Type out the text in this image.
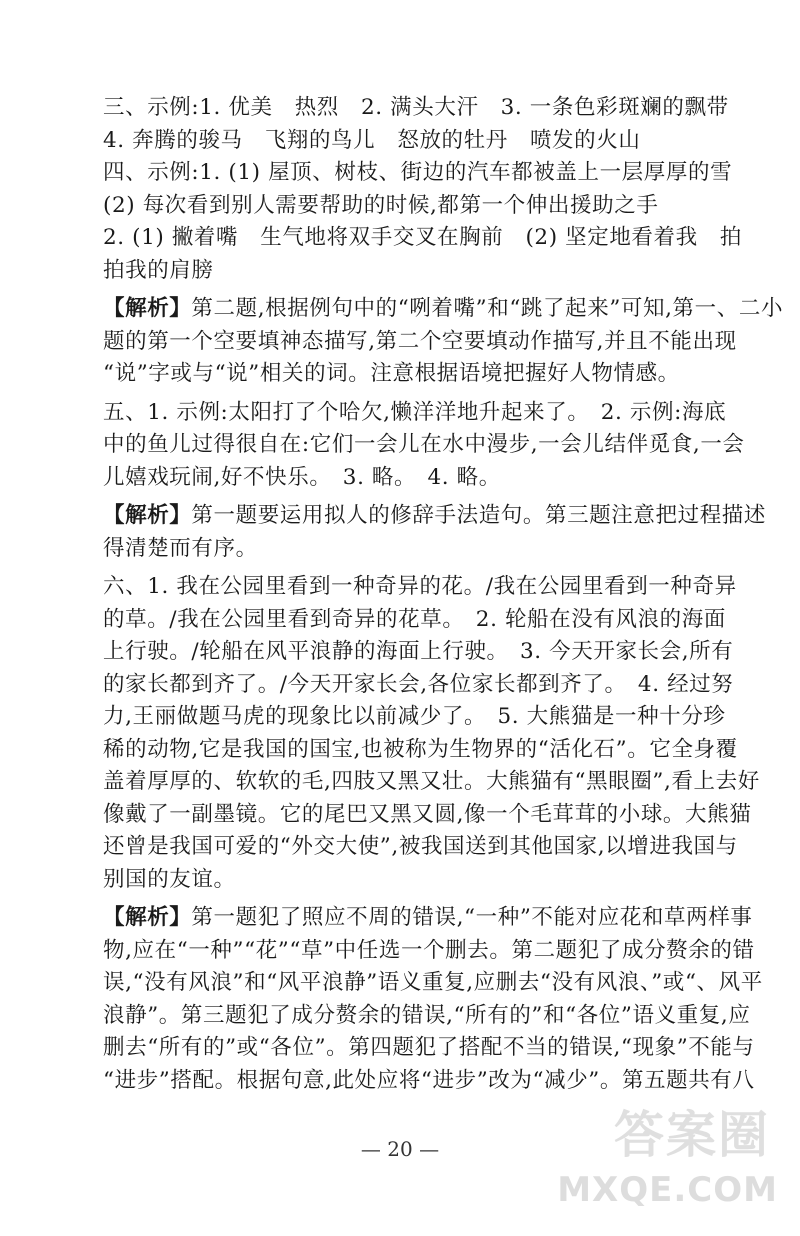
三、示例:1. 优美　热烈　2. 满头大汗　3. 一条色彩斑斓的飘带
4. 奔腾的骏马　飞翔的鸟儿　怒放的牡丹　喷发的火山
四、示例:1. (1) 屋顶、树枝、街边的汽车都被盖上一层厚厚的雪
(2) 每次看到别人需要帮助的时候,都第一个伸出援助之手
2. (1) 撇着嘴　生气地将双手交叉在胸前　(2) 坚定地看着我　拍
拍我的肩膀
【解析】第二题,根据例句中的“咧着嘴”和“跳了起来”可知,第一、二小
题的第一个空要填神态描写,第二个空要填动作描写,并且不能出现
“说”字或与“说”相关的词。注意根据语境把握好人物情感。
五、1. 示例:太阳打了个哈欠,懒洋洋地升起来了。　2. 示例:海底
中的鱼儿过得很自在:它们一会儿在水中漫步,一会儿结伴觅食,一会
儿嬉戏玩闹,好不快乐。　3. 略。　4. 略。
【解析】第一题要运用拟人的修辞手法造句。第三题注意把过程描述
得清楚而有序。
六、1. 我在公园里看到一种奇异的花。/我在公园里看到一种奇异
的草。/我在公园里看到奇异的花草。　2. 轮船在没有风浪的海面
上行驶。/轮船在风平浪静的海面上行驶。　3. 今天开家长会,所有
的家长都到齐了。/今天开家长会,各位家长都到齐了。　4. 经过努
力,王丽做题马虎的现象比以前减少了。　5. 大熊猫是一种十分珍
稀的动物,它是我国的国宝,也被称为生物界的“活化石”。它全身覆
盖着厚厚的、软软的毛,四肢又黑又壮。大熊猫有“黑眼圈”,看上去好
像戴了一副墨镜。它的尾巴又黑又圆,像一个毛茸茸的小球。大熊猫
还曾是我国可爱的“外交大使”,被我国送到其他国家,以增进我国与
别国的友谊。
【解析】第一题犯了照应不周的错误,“一种”不能对应花和草两样事
物,应在“一种”“花”“草”中任选一个删去。第二题犯了成分赘余的错
误,“没有风浪”和“风平浪静”语义重复,应删去“没有风浪、”或“、风平
浪静”。第三题犯了成分赘余的错误,“所有的”和“各位”语义重复,应
删去“所有的”或“各位”。第四题犯了搭配不当的错误,“现象”不能与
“进步”搭配。根据句意,此处应将“进步”改为“减少”。第五题共有八
— 20 —	答案圈
MXQE.COM
